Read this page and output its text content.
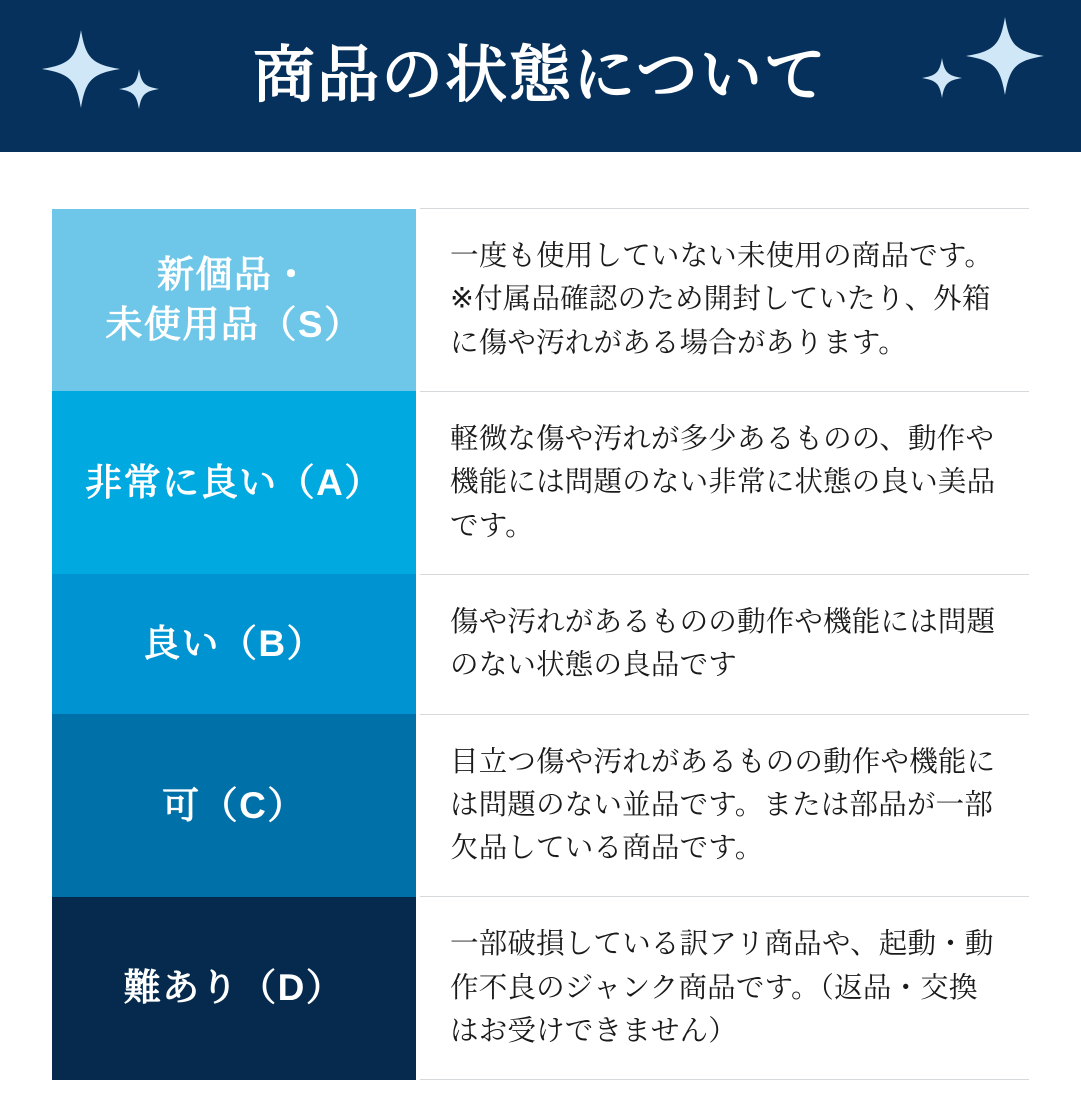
商品の状態について
新個品・
未使用品（S）	一度も使用していない未使用の商品です。※付属品確認のため開封していたり、外箱に傷や汚れがある場合があります。

非常に良い（A）	軽微な傷や汚れが多少あるものの、動作や機能には問題のない非常に状態の良い美品です。

良い（B）	傷や汚れがあるものの動作や機能には問題のない状態の良品です

可（C）	目立つ傷や汚れがあるものの動作や機能には問題のない並品です。または部品が一部欠品している商品です。

難あり（D）	一部破損している訳アリ商品や、起動・動作不良のジャンク商品です。（返品・交換はお受けできません）
